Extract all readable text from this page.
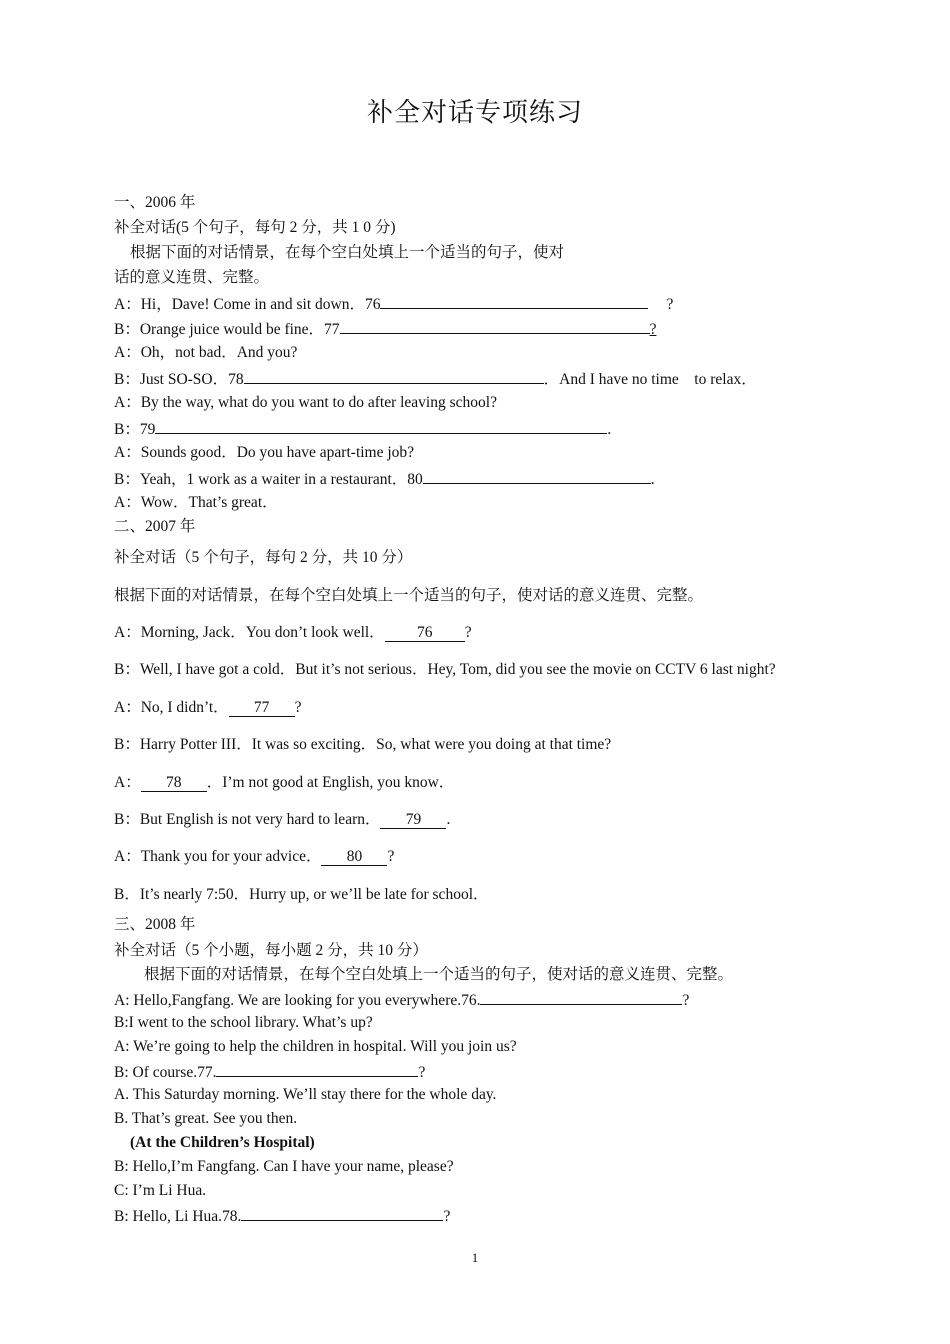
补全对话专项练习
一、2006 年
补全对话(5 个句子，每句 2 分，共 1 0 分)
根据下面的对话情景，在每个空白处填上一个适当的句子，使对
话的意义连贯、完整。
A：Hi，Dave! Come in and sit down．76	?
B：Orange juice would be fine．77	?
A：Oh，not bad．And you?
B：Just SO-SO．78	．And I have no time    to relax．
A：By the way, what do you want to do after leaving school?
B：79	.
A：Sounds good．Do you have apart-time job?
B：Yeah，1 work as a waiter in a restaurant．80	.
A：Wow．That’s great．
二、2007 年
补全对话（5 个句子，每句 2 分，共 10 分）
根据下面的对话情景，在每个空白处填上一个适当的句子，使对话的意义连贯、完整。
A：Morning, Jack．You don’t look well． 76 ?
B：Well, I have got a cold．But it’s not serious．Hey, Tom, did you see the movie on CCTV 6 last night?
A：No, I didn’t． 77 ?
B：Harry Potter III．It was so exciting．So, what were you doing at that time?
A： 78 ．I’m not good at English, you know．
B：But English is not very hard to learn． 79 .
A：Thank you for your advice． 80 ?
B．It’s nearly 7:50．Hurry up, or we’ll be late for school．
三、2008 年
补全对话（5 个小题，每小题 2 分，共 10 分）
根据下面的对话情景，在每个空白处填上一个适当的句子，使对话的意义连贯、完整。
A: Hello,Fangfang. We are looking for you everywhere.76.	?
B:I went to the school library. What’s up?
A: We’re going to help the children in hospital. Will you join us?
B: Of course.77.	?
A. This Saturday morning. We’ll stay there for the whole day.
B. That’s great. See you then.
(At the Children’s Hospital)
B: Hello,I’m Fangfang. Can I have your name, please?
C: I’m Li Hua.
B: Hello, Li Hua.78.	?
1
